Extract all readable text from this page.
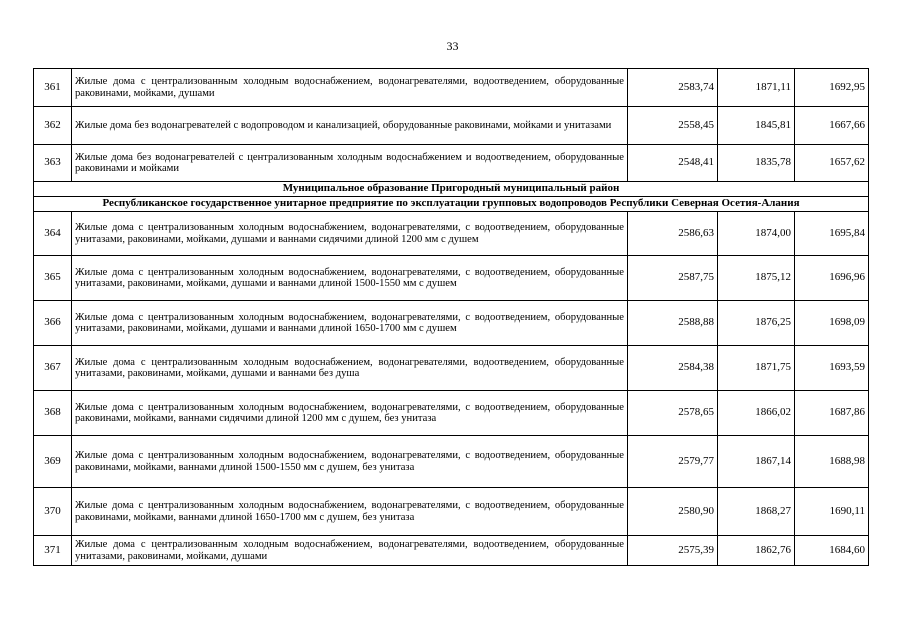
33
361	Жилые дома с централизованным холодным водоснабжением, водонагревателями, водоотведением, оборудованные раковинами, мойками, душами	2583,74	1871,11	1692,95
362	Жилые дома без водонагревателей с водопроводом и канализацией, оборудованные раковинами, мойками и унитазами	2558,45	1845,81	1667,66
363	Жилые дома без водонагревателей с централизованным холодным водоснабжением и водоотведением, оборудованные раковинами и мойками	2548,41	1835,78	1657,62
Муниципальное образование Пригородный муниципальный район				
Республиканское государственное унитарное предприятие по эксплуатации групповых водопроводов Республики Северная Осетия-Алания				
364	Жилые дома с централизованным холодным водоснабжением, водонагревателями, с водоотведением, оборудованные унитазами, раковинами, мойками, душами и ваннами сидячими длиной 1200 мм с душем	2586,63	1874,00	1695,84
365	Жилые дома с централизованным холодным водоснабжением, водонагревателями, с водоотведением, оборудованные унитазами, раковинами, мойками, душами и ваннами длиной 1500-1550 мм с душем	2587,75	1875,12	1696,96
366	Жилые дома с централизованным холодным водоснабжением, водонагревателями, с водоотведением, оборудованные унитазами, раковинами, мойками, душами и ваннами длиной 1650-1700 мм с душем	2588,88	1876,25	1698,09
367	Жилые дома с централизованным холодным водоснабжением, водонагревателями, водоотведением, оборудованные унитазами, раковинами, мойками, душами и ваннами без душа	2584,38	1871,75	1693,59
368	Жилые дома с централизованным холодным водоснабжением, водонагревателями, с водоотведением, оборудованные раковинами, мойками, ваннами сидячими длиной 1200 мм с душем, без унитаза	2578,65	1866,02	1687,86
369	Жилые дома с централизованным холодным водоснабжением, водонагревателями, с водоотведением, оборудованные раковинами, мойками, ваннами длиной 1500-1550 мм с душем, без унитаза	2579,77	1867,14	1688,98
370	Жилые дома с централизованным холодным водоснабжением, водонагревателями, с водоотведением, оборудованные раковинами, мойками, ваннами длиной 1650-1700 мм с душем, без унитаза	2580,90	1868,27	1690,11
371	Жилые дома с централизованным холодным водоснабжением, водонагревателями, водоотведением, оборудованные унитазами, раковинами, мойками, душами	2575,39	1862,76	1684,60
